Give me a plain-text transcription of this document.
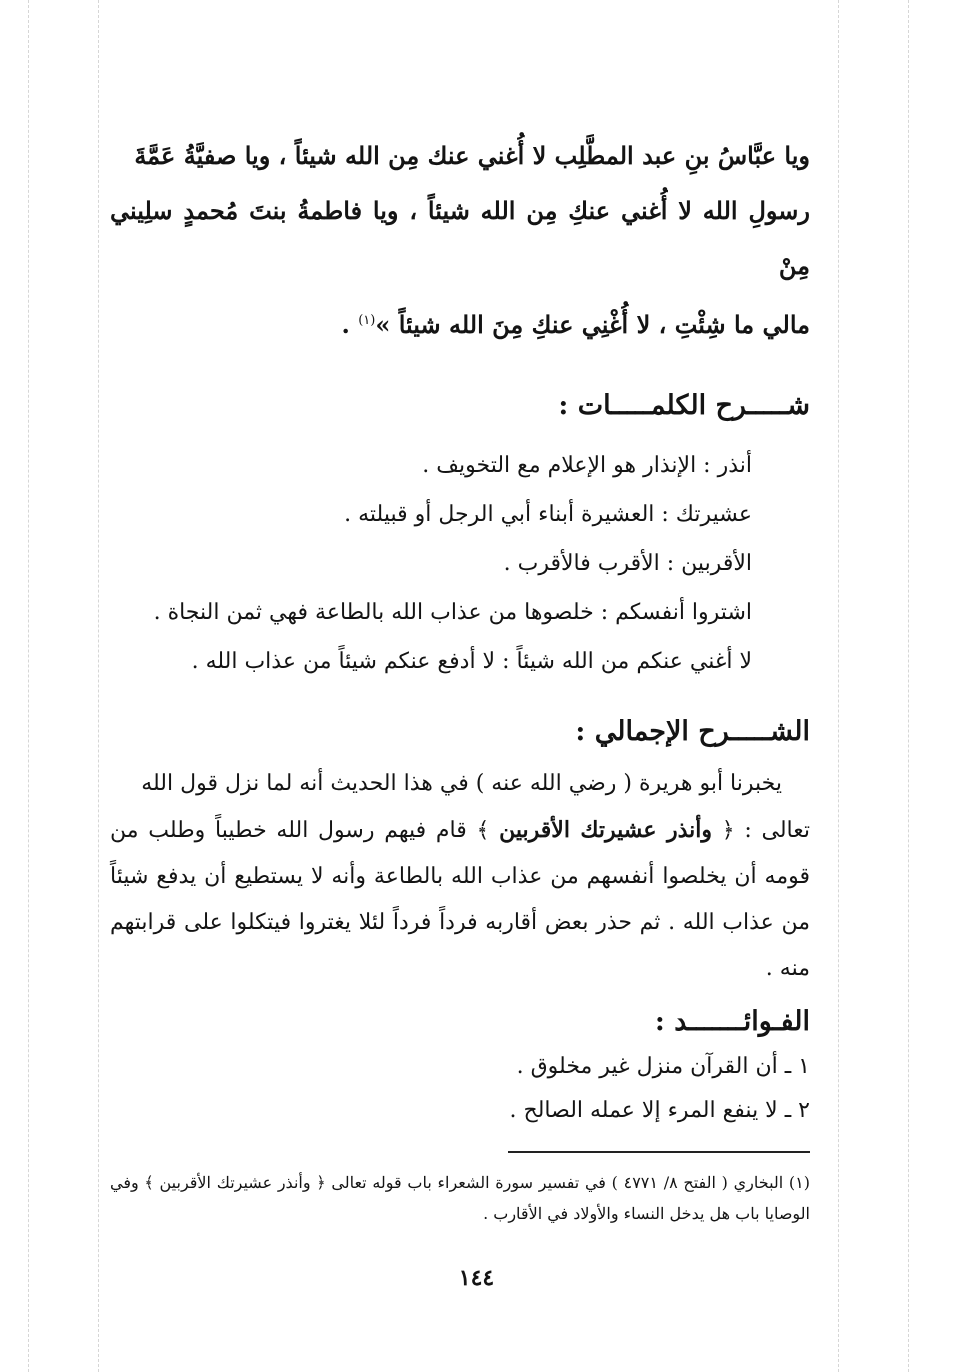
ويا عبَّاسُ بنِ عبد المطَّلِب لا أُغني عنك مِن الله شيئاً ، ويا صفيَّةُ عَمَّةَ
رسولِ الله لا أُغني عنكِ مِن الله شيئاً ، ويا فاطمةُ بنتَ مُحمدٍ سلِيني مِنْ
مالي ما شِئْتِ ، لا أُغْنِي عنكِ مِنَ الله شيئاً »$^{(١)}$ .
شـــــرح الكلمـــــات :
أنذر : الإنذار هو الإعلام مع التخويف .
عشيرتك : العشيرة أبناء أبي الرجل أو قبيلته .
الأقربين : الأقرب فالأقرب .
اشتروا أنفسكم : خلصوها من عذاب الله بالطاعة فهي ثمن النجاة .
لا أغني عنكم من الله شيئاً : لا أدفع عنكم شيئاً من عذاب الله .
الشـــــرح الإجمالي :
يخبرنا أبو هريرة ( رضي الله عنه ) في هذا الحديث أنه لما نزل قول الله
تعالى : ﴿ وأنذر عشيرتك الأقربين ﴾ قام فيهم رسول الله خطيباً وطلب من قومه أن يخلصوا أنفسهم من عذاب الله بالطاعة وأنه لا يستطيع أن يدفع شيئاً من عذاب الله . ثم حذر بعض أقاربه فرداً فرداً لئلا يغتروا فيتكلوا على قرابتهم منه .
الفـوائـــــــد :
١ ـ أن القرآن منزل غير مخلوق .
٢ ـ لا ينفع المرء إلا عمله الصالح .
(١) البخاري ( الفتح ٨/ ٤٧٧١ ) في تفسير سورة الشعراء باب قوله تعالى ﴿ وأنذر عشيرتك الأقربين ﴾ وفي الوصايا باب هل يدخل النساء والأولاد في الأقارب .
١٤٤
